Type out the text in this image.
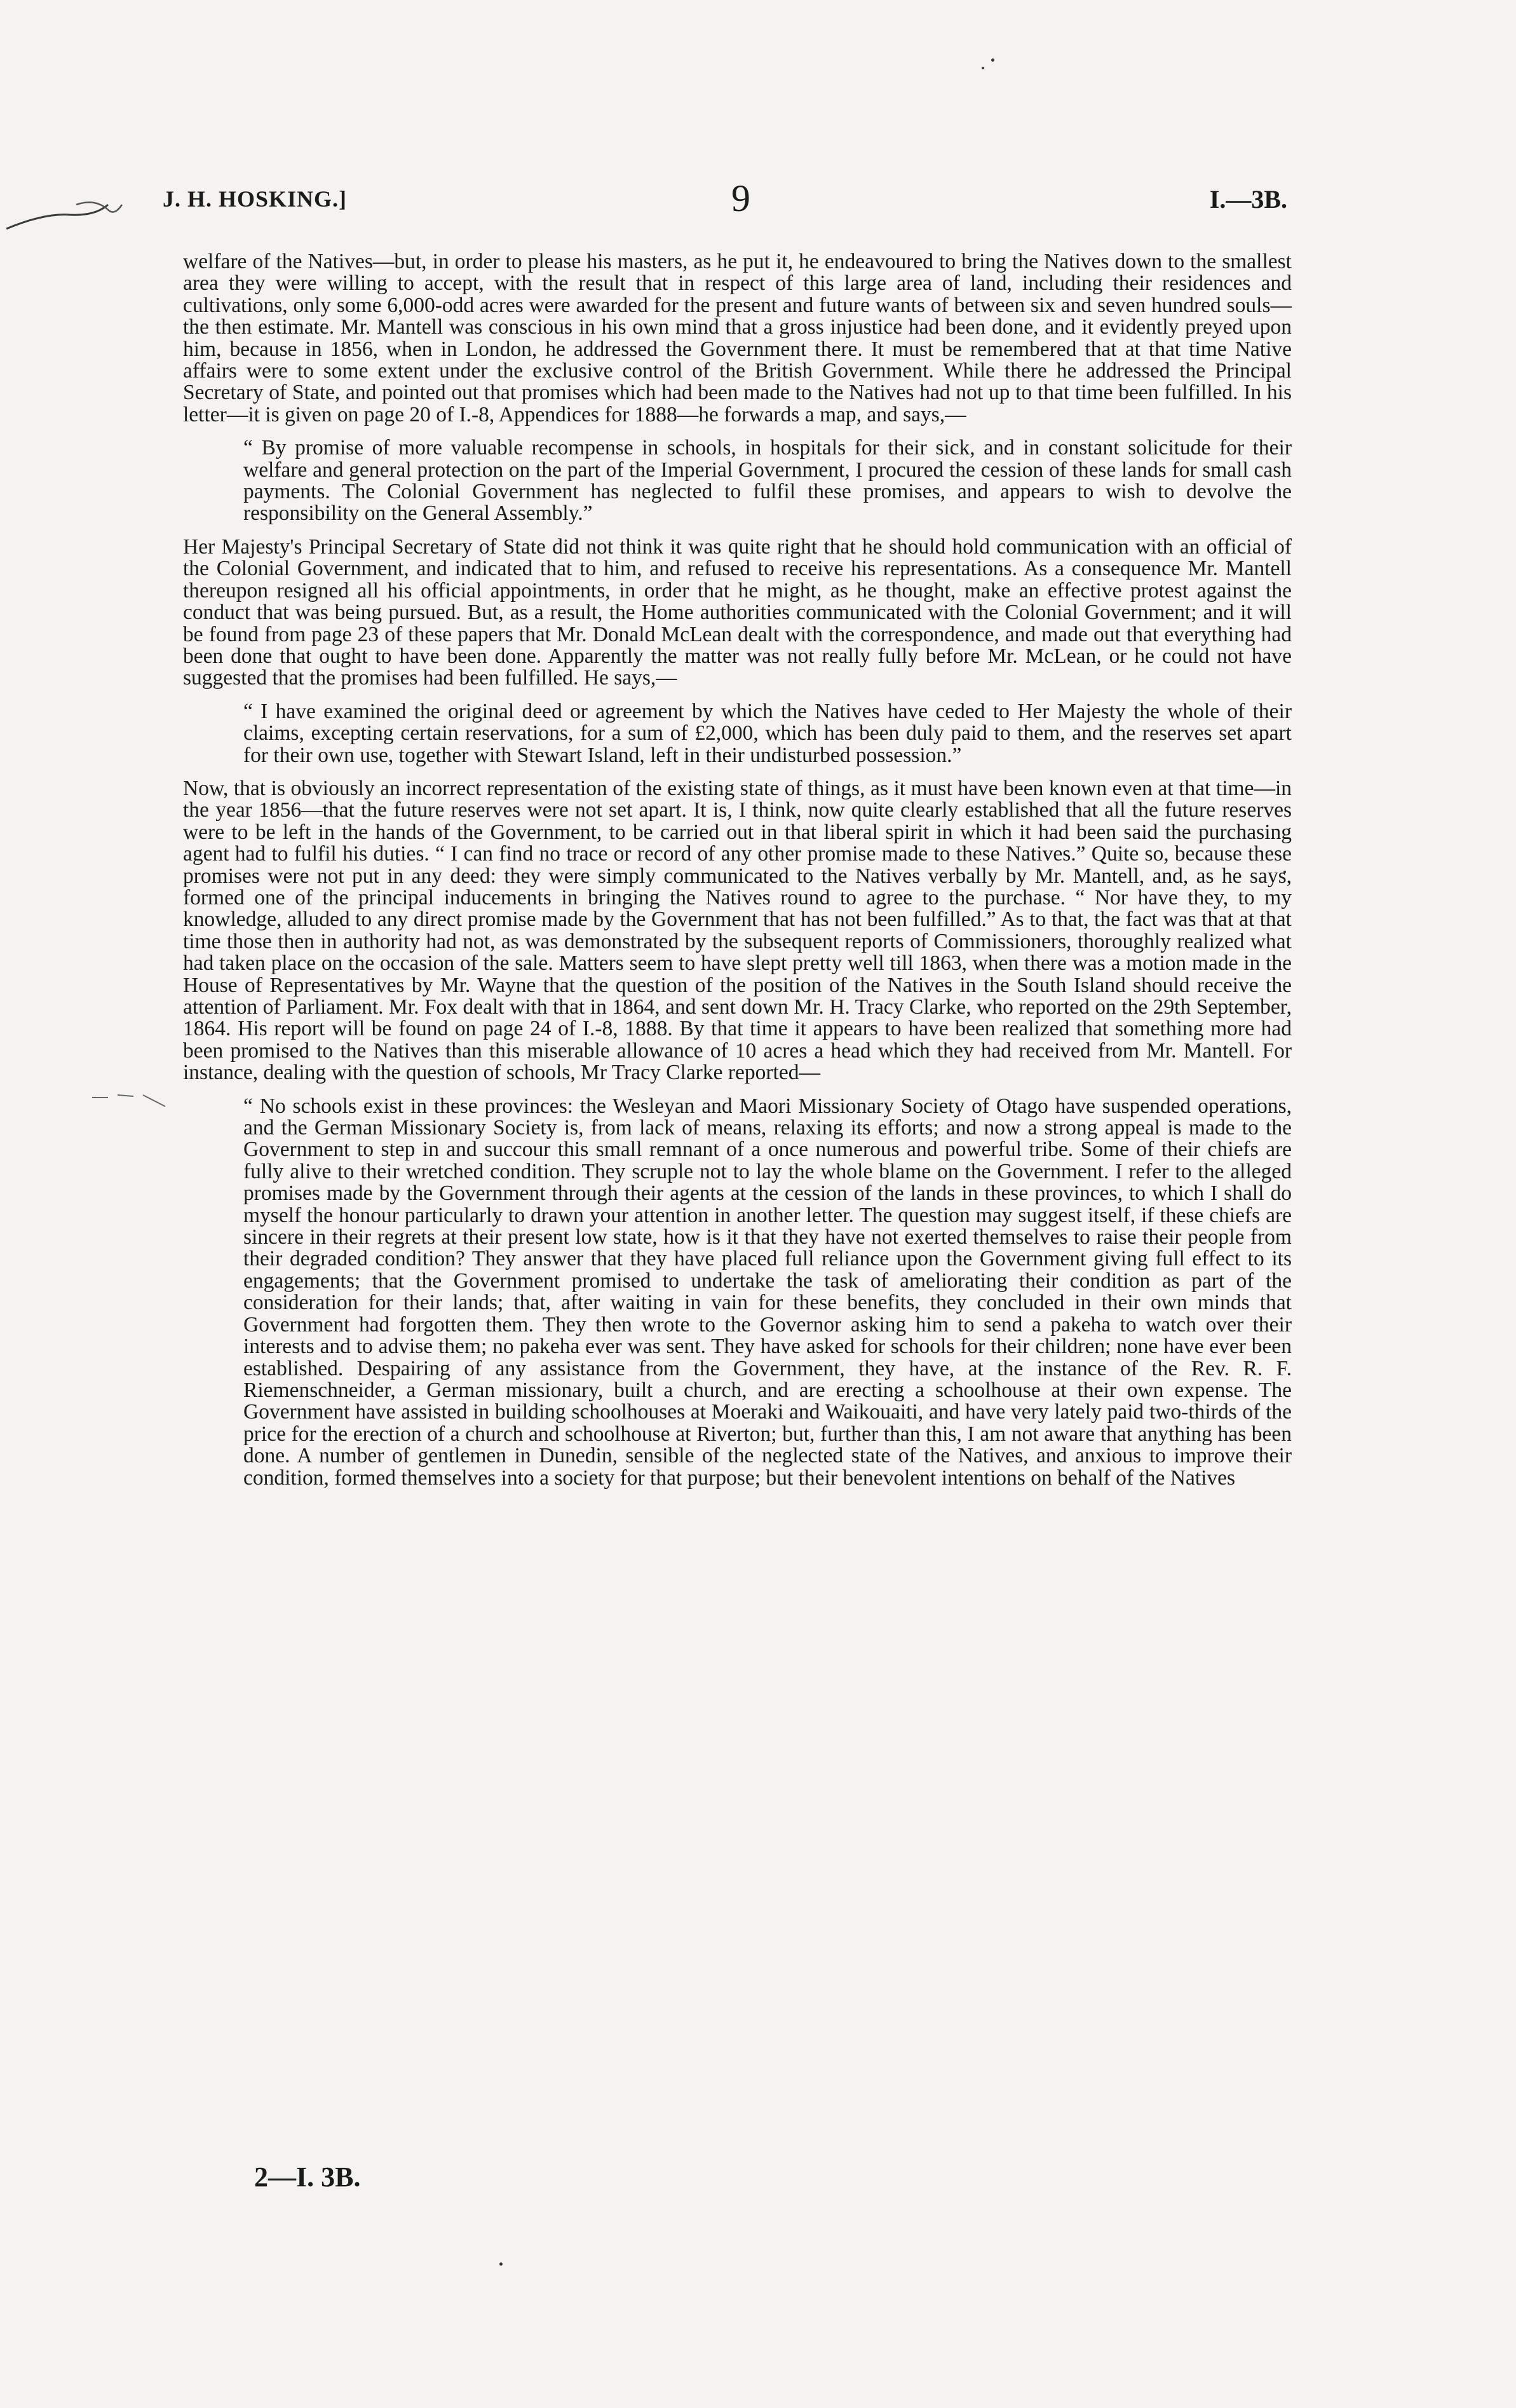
J. H. HOSKING.]	9	I.—3B.

welfare of the Natives—but, in order to please his masters, as he put it, he endeavoured to bring the Natives down to the smallest area they were willing to accept, with the result that in respect of this large area of land, including their residences and cultivations, only some 6,000-odd acres were awarded for the present and future wants of between six and seven hundred souls—the then estimate. Mr. Mantell was conscious in his own mind that a gross injustice had been done, and it evidently preyed upon him, because in 1856, when in London, he addressed the Government there. It must be remembered that at that time Native affairs were to some extent under the exclusive control of the British Government. While there he addressed the Principal Secretary of State, and pointed out that promises which had been made to the Natives had not up to that time been fulfilled. In his letter—it is given on page 20 of I.-8, Appendices for 1888—he forwards a map, and says,—

“ By promise of more valuable recompense in schools, in hospitals for their sick, and in constant solicitude for their welfare and general protection on the part of the Imperial Government, I procured the cession of these lands for small cash payments. The Colonial Government has neglected to fulfil these promises, and appears to wish to devolve the responsibility on the General Assembly.”

Her Majesty's Principal Secretary of State did not think it was quite right that he should hold communication with an official of the Colonial Government, and indicated that to him, and refused to receive his representations. As a consequence Mr. Mantell thereupon resigned all his official appointments, in order that he might, as he thought, make an effective protest against the conduct that was being pursued. But, as a result, the Home authorities communicated with the Colonial Government; and it will be found from page 23 of these papers that Mr. Donald McLean dealt with the correspondence, and made out that everything had been done that ought to have been done. Apparently the matter was not really fully before Mr. McLean, or he could not have suggested that the promises had been fulfilled. He says,—

“ I have examined the original deed or agreement by which the Natives have ceded to Her Majesty the whole of their claims, excepting certain reservations, for a sum of £2,000, which has been duly paid to them, and the reserves set apart for their own use, together with Stewart Island, left in their undisturbed possession.”

Now, that is obviously an incorrect representation of the existing state of things, as it must have been known even at that time—in the year 1856—that the future reserves were not set apart. It is, I think, now quite clearly established that all the future reserves were to be left in the hands of the Government, to be carried out in that liberal spirit in which it had been said the purchasing agent had to fulfil his duties. “ I can find no trace or record of any other promise made to these Natives.” Quite so, because these promises were not put in any deed: they were simply communicated to the Natives verbally by Mr. Mantell, and, as he says, formed one of the principal inducements in bringing the Natives round to agree to the purchase. “ Nor have they, to my knowledge, alluded to any direct promise made by the Government that has not been fulfilled.” As to that, the fact was that at that time those then in authority had not, as was demonstrated by the subsequent reports of Commissioners, thoroughly realized what had taken place on the occasion of the sale. Matters seem to have slept pretty well till 1863, when there was a motion made in the House of Representatives by Mr. Wayne that the question of the position of the Natives in the South Island should receive the attention of Parliament. Mr. Fox dealt with that in 1864, and sent down Mr. H. Tracy Clarke, who reported on the 29th September, 1864. His report will be found on page 24 of I.-8, 1888. By that time it appears to have been realized that something more had been promised to the Natives than this miserable allowance of 10 acres a head which they had received from Mr. Mantell. For instance, dealing with the question of schools, Mr Tracy Clarke reported—

“ No schools exist in these provinces: the Wesleyan and Maori Missionary Society of Otago have suspended operations, and the German Missionary Society is, from lack of means, relaxing its efforts; and now a strong appeal is made to the Government to step in and succour this small remnant of a once numerous and powerful tribe. Some of their chiefs are fully alive to their wretched condition. They scruple not to lay the whole blame on the Government. I refer to the alleged promises made by the Government through their agents at the cession of the lands in these provinces, to which I shall do myself the honour particularly to drawn your attention in another letter. The question may suggest itself, if these chiefs are sincere in their regrets at their present low state, how is it that they have not exerted themselves to raise their people from their degraded condition? They answer that they have placed full reliance upon the Government giving full effect to its engagements; that the Government promised to undertake the task of ameliorating their condition as part of the consideration for their lands; that, after waiting in vain for these benefits, they concluded in their own minds that Government had forgotten them. They then wrote to the Governor asking him to send a pakeha to watch over their interests and to advise them; no pakeha ever was sent. They have asked for schools for their children; none have ever been established. Despairing of any assistance from the Government, they have, at the instance of the Rev. R. F. Riemenschneider, a German missionary, built a church, and are erecting a schoolhouse at their own expense. The Government have assisted in building schoolhouses at Moeraki and Waikouaiti, and have very lately paid two-thirds of the price for the erection of a church and schoolhouse at Riverton; but, further than this, I am not aware that anything has been done. A number of gentlemen in Dunedin, sensible of the neglected state of the Natives, and anxious to improve their condition, formed themselves into a society for that purpose; but their benevolent intentions on behalf of the Natives

2—I. 3B.
